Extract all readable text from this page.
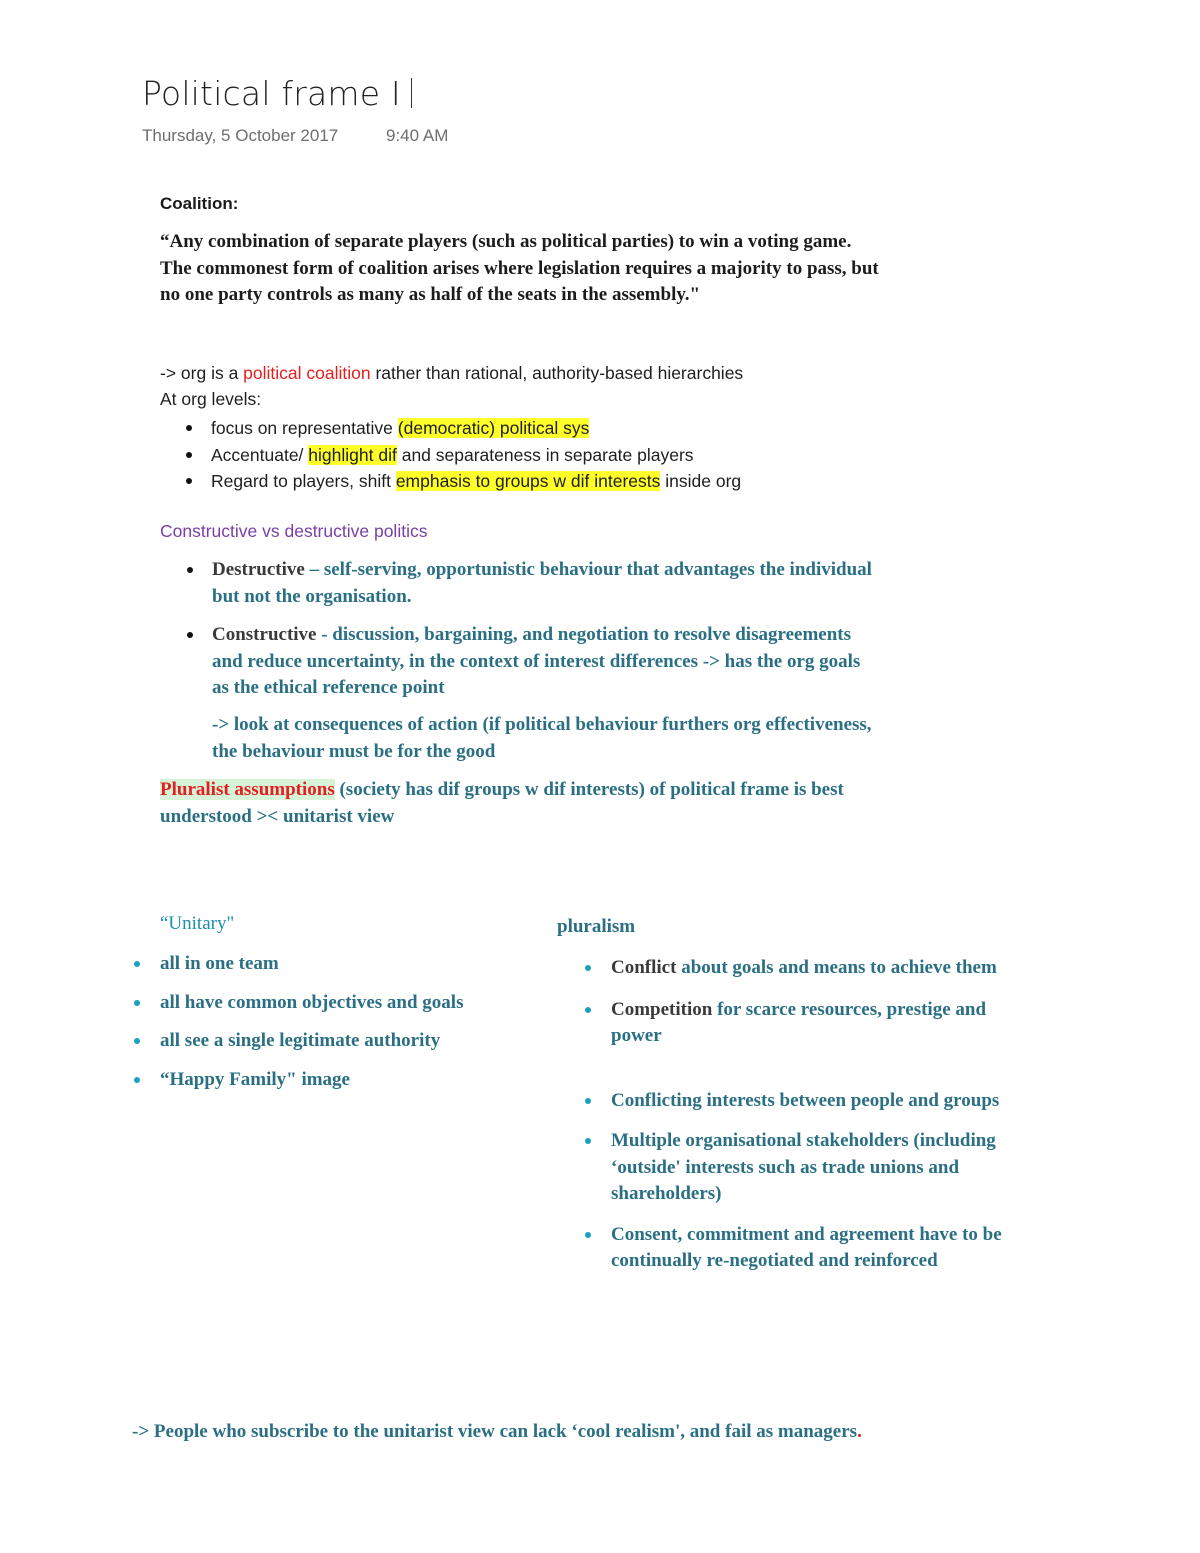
Political frame I
Thursday, 5 October 2017	9:40 AM
Coalition:
“Any combination of separate players (such as political parties) to win a voting game. The commonest form of coalition arises where legislation requires a majority to pass, but no one party controls as many as half of the seats in the assembly."
-> org is a political coalition rather than rational, authority-based hierarchies
At org levels:
focus on representative (democratic) political sys
Accentuate/ highlight dif and separateness in separate players
Regard to players, shift emphasis to groups w dif interests inside org
Constructive vs destructive politics
Destructive – self-serving, opportunistic behaviour that advantages the individual but not the organisation.
Constructive - discussion, bargaining, and negotiation to resolve disagreements and reduce uncertainty, in the context of interest differences -> has the org goals as the ethical reference point
-> look at consequences of action (if political behaviour furthers org effectiveness, the behaviour must be for the good
Pluralist assumptions (society has dif groups w dif interests) of political frame is best understood >< unitarist view
“Unitary"
all in one team
all have common objectives and goals
all see a single legitimate authority
“Happy Family" image
pluralism
Conflict about goals and means to achieve them
Competition for scarce resources, prestige and power
Conflicting interests between people and groups
Multiple organisational stakeholders (including ‘outside' interests such as trade unions and shareholders)
Consent, commitment and agreement have to be continually re-negotiated and reinforced
-> People who subscribe to the unitarist view can lack ‘cool realism', and fail as managers.
